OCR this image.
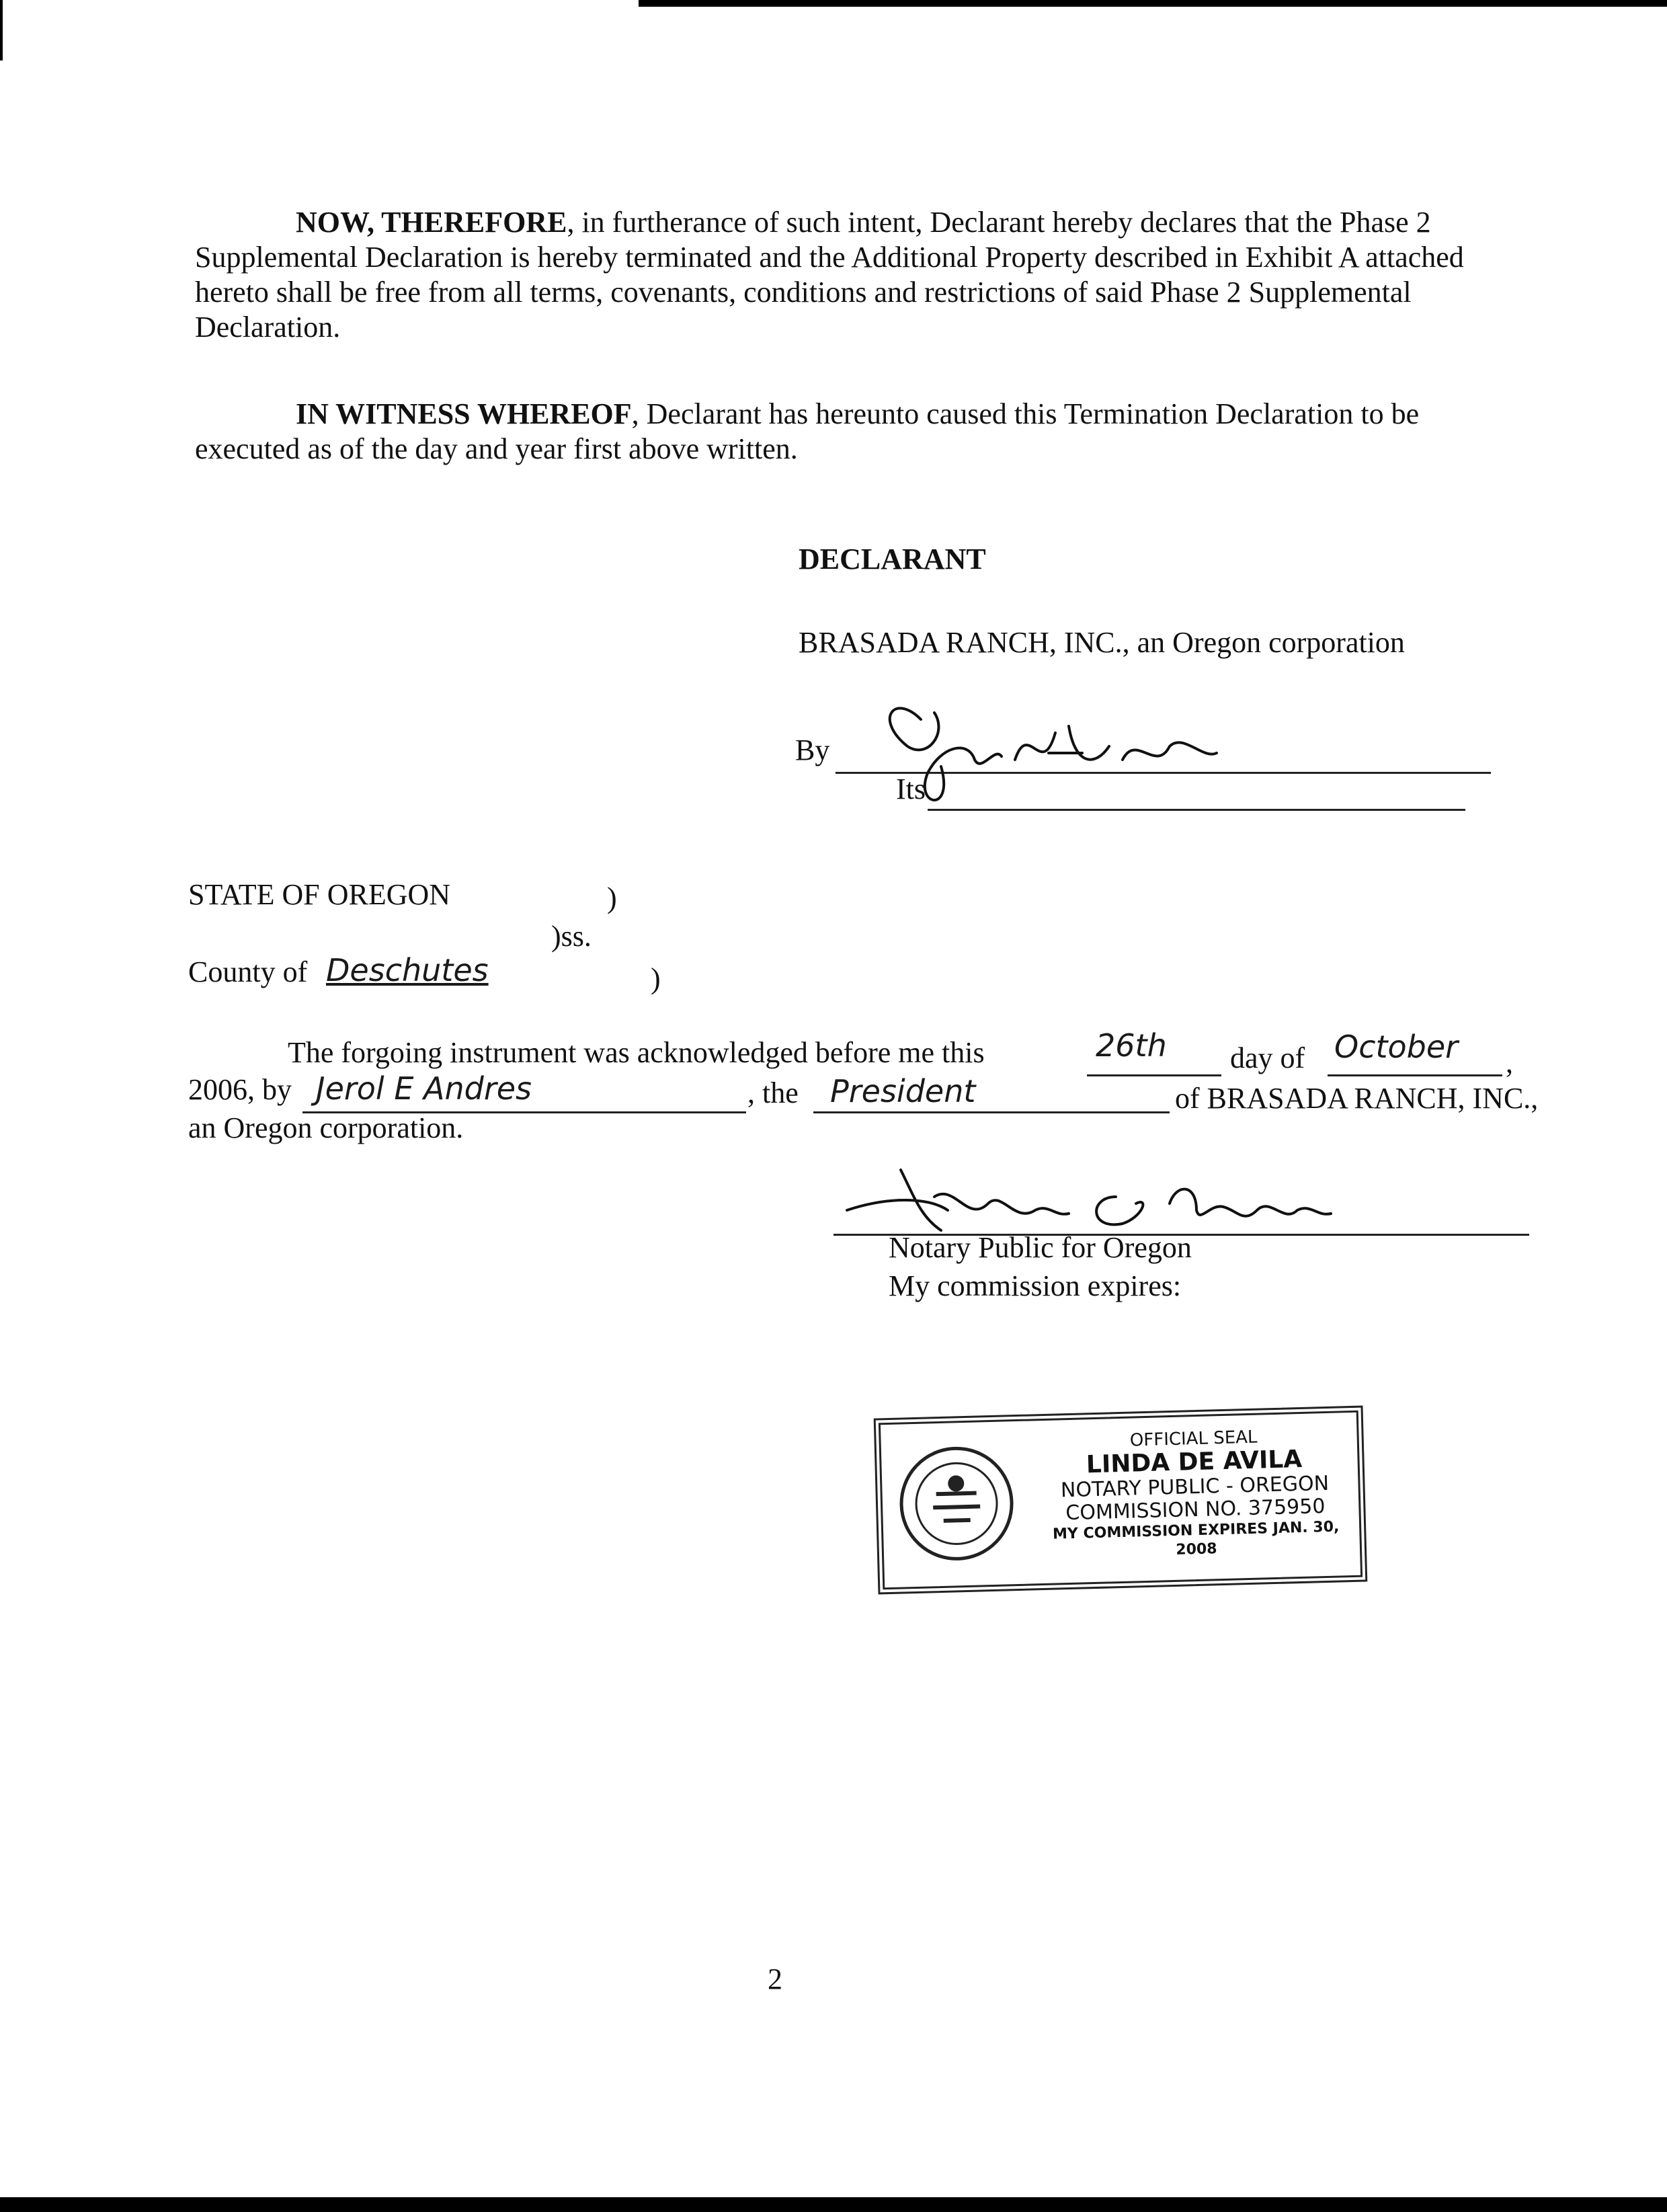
NOW, THEREFORE, in furtherance of such intent, Declarant hereby declares that the Phase 2 Supplemental Declaration is hereby terminated and the Additional Property described in Exhibit A attached hereto shall be free from all terms, covenants, conditions and restrictions of said Phase 2 Supplemental Declaration.
IN WITNESS WHEREOF, Declarant has hereunto caused this Termination Declaration to be executed as of the day and year first above written.
DECLARANT
BRASADA RANCH, INC., an Oregon corporation
By
Its
STATE OF OREGON	)
)ss.
County of Deschutes	)
The forgoing instrument was acknowledged before me this	26th day of October ,
2006, by Jerol E Andres	, the President	of BRASADA RANCH, INC.,
an Oregon corporation.
Notary Public for Oregon
My commission expires:
OFFICIAL SEAL
LINDA DE AVILA
NOTARY PUBLIC - OREGON
COMMISSION NO. 375950
MY COMMISSION EXPIRES JAN. 30, 2008
2
